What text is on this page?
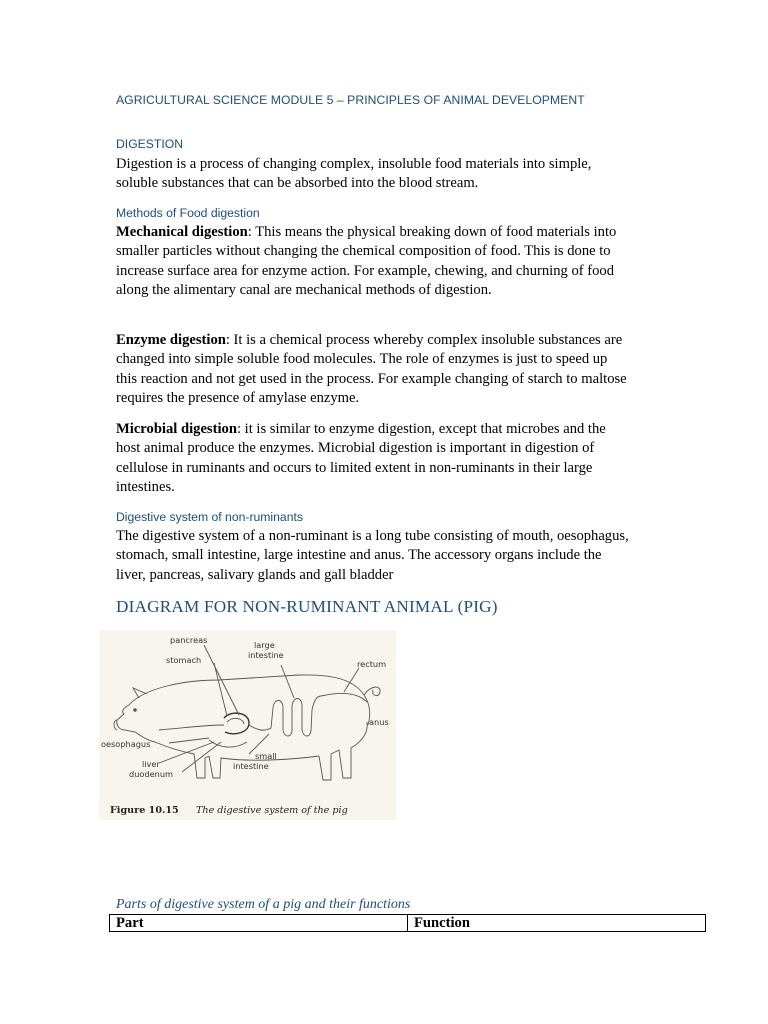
AGRICULTURAL SCIENCE MODULE 5 – PRINCIPLES OF ANIMAL DEVELOPMENT
DIGESTION

Digestion is a process of changing complex, insoluble food materials into simple, soluble substances that can be absorbed into the blood stream.

Methods of Food digestion

Mechanical digestion: This means the physical breaking down of food materials into smaller particles without changing the chemical composition of food. This is done to increase surface area for enzyme action. For example, chewing, and churning of food along the alimentary canal are mechanical methods of digestion.

Enzyme digestion: It is a chemical process whereby complex insoluble substances are changed into simple soluble food molecules. The role of enzymes is just to speed up this reaction and not get used in the process. For example changing of starch to maltose requires the presence of amylase enzyme.

Microbial digestion: it is similar to enzyme digestion, except that microbes and the host animal produce the enzymes. Microbial digestion is important in digestion of cellulose in ruminants and occurs to limited extent in non-ruminants in their large intestines.

Digestive system of non-ruminants

The digestive system of a non-ruminant is a long tube consisting of mouth, oesophagus, stomach, small intestine, large intestine and anus. The accessory organs include the liver, pancreas, salivary glands and gall bladder

DIAGRAM FOR NON-RUMINANT ANIMAL (PIG)
pancreas	large
intestine
stomach	rectum
anus
oesophagus
small
intestine
liver
duodenum
Figure 10.15 The digestive system of the pig
Parts of digestive system of a pig and their functions
Part	Function
